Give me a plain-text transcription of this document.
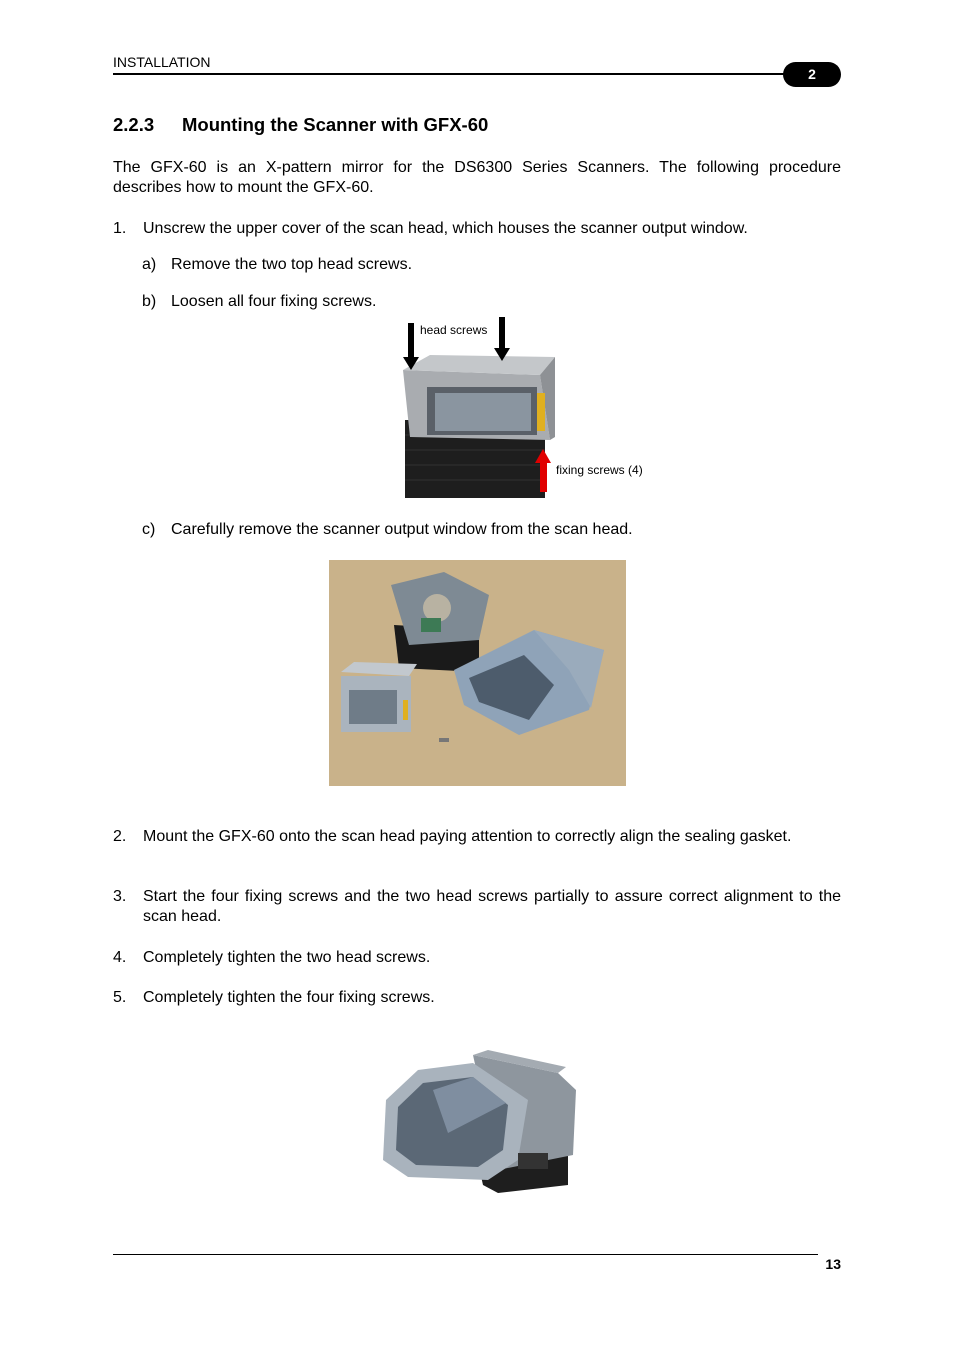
INSTALLATION
2
2.2.3 Mounting the Scanner with GFX-60
The GFX-60 is an X-pattern mirror for the DS6300 Series Scanners. The following procedure describes how to mount the GFX-60.
1. Unscrew the upper cover of the scan head, which houses the scanner output window.
a) Remove the two top head screws.
b) Loosen all four fixing screws.
head screws
fixing screws (4)
c) Carefully remove the scanner output window from the scan head.
2. Mount the GFX-60 onto the scan head paying attention to correctly align the sealing gasket.
3. Start the four fixing screws and the two head screws partially to assure correct alignment to the scan head.
4. Completely tighten the two head screws.
5. Completely tighten the four fixing screws.
13
